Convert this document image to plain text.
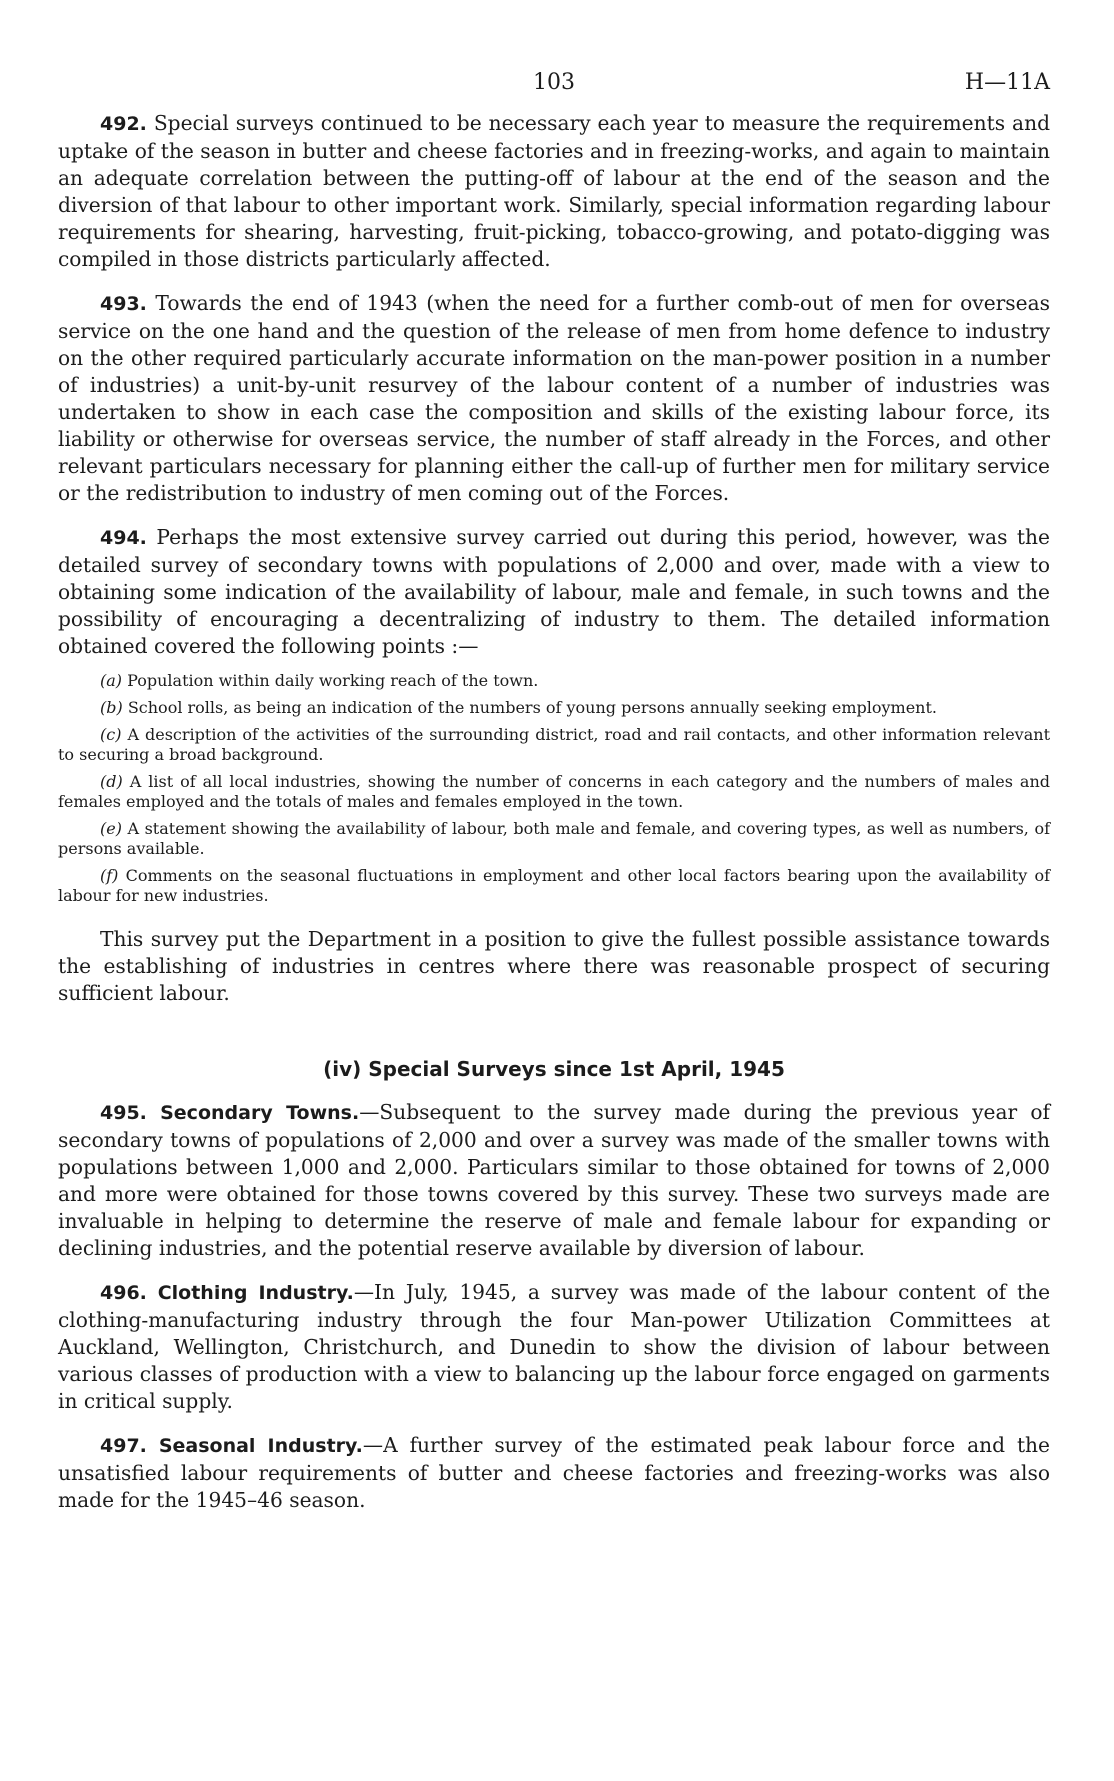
103	H—11A

492. Special surveys continued to be necessary each year to measure the requirements and uptake of the season in butter and cheese factories and in freezing-works, and again to maintain an adequate correlation between the putting-off of labour at the end of the season and the diversion of that labour to other important work. Similarly, special information regarding labour requirements for shearing, harvesting, fruit-picking, tobacco-growing, and potato-digging was compiled in those districts particularly affected.

493. Towards the end of 1943 (when the need for a further comb-out of men for overseas service on the one hand and the question of the release of men from home defence to industry on the other required particularly accurate information on the man-power position in a number of industries) a unit-by-unit resurvey of the labour content of a number of industries was undertaken to show in each case the composition and skills of the existing labour force, its liability or otherwise for overseas service, the number of staff already in the Forces, and other relevant particulars necessary for planning either the call-up of further men for military service or the redistribution to industry of men coming out of the Forces.

494. Perhaps the most extensive survey carried out during this period, however, was the detailed survey of secondary towns with populations of 2,000 and over, made with a view to obtaining some indication of the availability of labour, male and female, in such towns and the possibility of encouraging a decentralizing of industry to them. The detailed information obtained covered the following points :—

(a) Population within daily working reach of the town.
(b) School rolls, as being an indication of the numbers of young persons annually seeking employment.
(c) A description of the activities of the surrounding district, road and rail contacts, and other information relevant to securing a broad background.
(d) A list of all local industries, showing the number of concerns in each category and the numbers of males and females employed and the totals of males and females employed in the town.
(e) A statement showing the availability of labour, both male and female, and covering types, as well as numbers, of persons available.
(f) Comments on the seasonal fluctuations in employment and other local factors bearing upon the availability of labour for new industries.

This survey put the Department in a position to give the fullest possible assistance towards the establishing of industries in centres where there was reasonable prospect of securing sufficient labour.

(iv) Special Surveys since 1st April, 1945

495. Secondary Towns.—Subsequent to the survey made during the previous year of secondary towns of populations of 2,000 and over a survey was made of the smaller towns with populations between 1,000 and 2,000. Particulars similar to those obtained for towns of 2,000 and more were obtained for those towns covered by this survey. These two surveys made are invaluable in helping to determine the reserve of male and female labour for expanding or declining industries, and the potential reserve available by diversion of labour.

496. Clothing Industry.—In July, 1945, a survey was made of the labour content of the clothing-manufacturing industry through the four Man-power Utilization Committees at Auckland, Wellington, Christchurch, and Dunedin to show the division of labour between various classes of production with a view to balancing up the labour force engaged on garments in critical supply.

497. Seasonal Industry.—A further survey of the estimated peak labour force and the unsatisfied labour requirements of butter and cheese factories and freezing-works was also made for the 1945–46 season.
